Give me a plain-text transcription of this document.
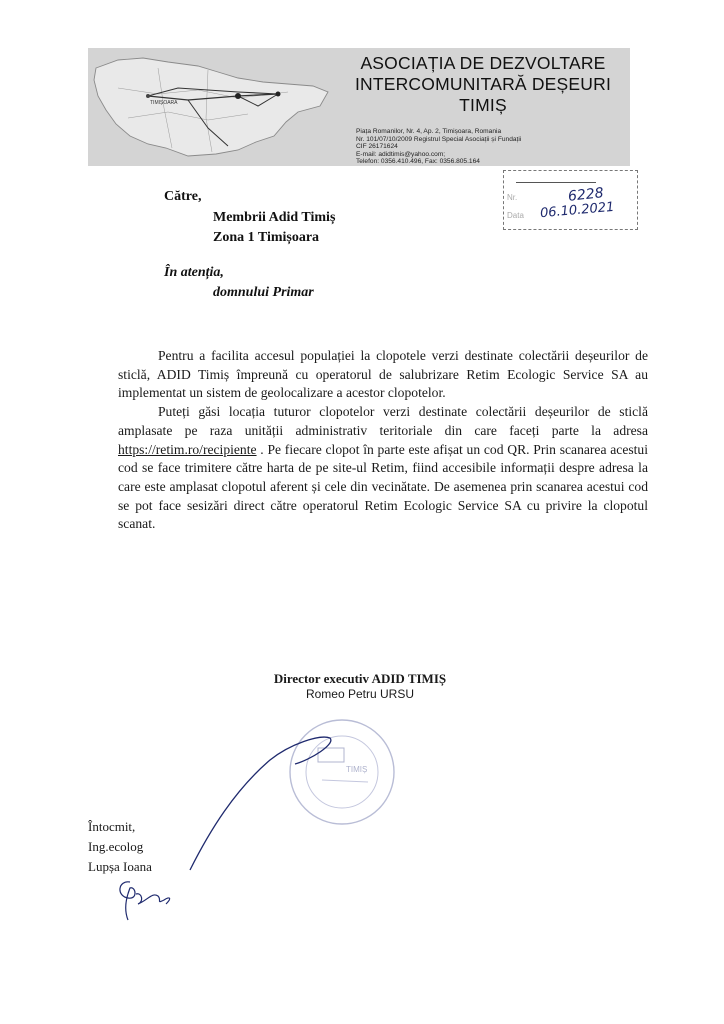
TIMIȘOARA
ASOCIAȚIA DE DEZVOLTARE
INTERCOMUNITARĂ DEȘEURI
TIMIȘ
Piața Romanilor, Nr. 4, Ap. 2, Timișoara, Romania
Nr. 101/07/10/2009 Registrul Special Asociații și Fundații
CIF 26171624
E-mail: adidtimis@yahoo.com;
Telefon: 0356.410.496, Fax: 0356.805.164
Nr.
Data
6228
06.10.2021
Către,
Membrii Adid Timiș
Zona 1 Timișoara
În atenția,
domnului Primar

Pentru a facilita accesul populației la clopotele verzi destinate colectării deșeurilor de sticlă, ADID Timiș împreună cu operatorul de salubrizare Retim Ecologic Service SA au implementat un sistem de geolocalizare a acestor clopotelor.

Puteți găsi locația tuturor clopotelor verzi destinate colectării deșeurilor de sticlă amplasate pe raza unității administrativ teritoriale din care faceți parte la adresa https://retim.ro/recipiente . Pe fiecare clopot în parte este afișat un cod QR. Prin scanarea acestui cod se face trimitere către harta de pe site-ul Retim, fiind accesibile informații despre adresa la care este amplasat clopotul aferent și cele din vecinătate. De asemenea prin scanarea acestui cod se pot face sesizări direct către operatorul Retim Ecologic Service SA cu privire la clopotul scanat.

Director executiv ADID TIMIȘ
Romeo Petru URSU
TIMIȘ
Întocmit,
Ing.ecolog
Lupșa Ioana
